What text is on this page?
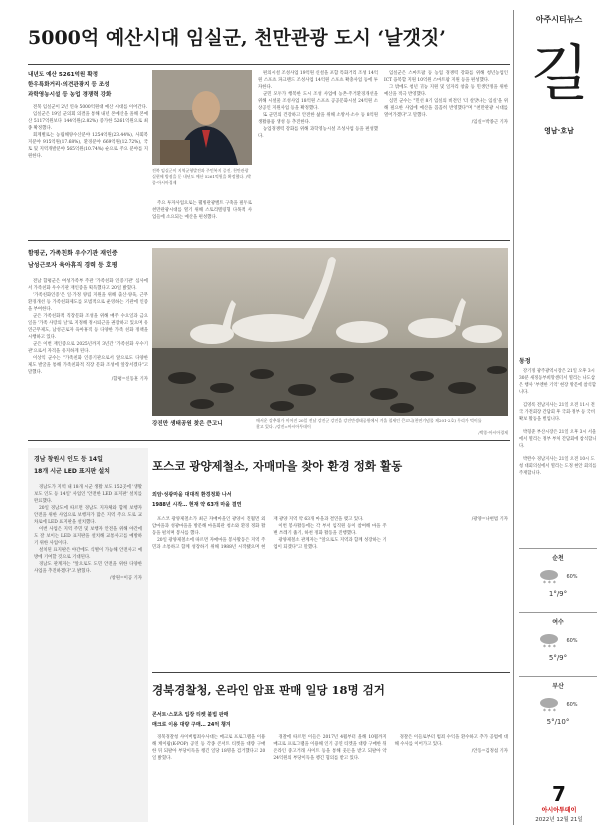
아주시티뉴스
길
영남·호남
동정

강기정 광주광역시장은 21일 오후 3시 30분 새정동부희망센터서 열리는 나도삼은 행사 '부엔한 기억' 현장 방문에 참석합니다.

김영록 전남지사는 21일 오전 11시 전국 가전회장 간담회 후 국회·정부 등 국비 확보 활동을 벌입니다.

박형준 부산시장은 21일 오후 3시 서울에서 열리는 정부 부처 간담회에 참석합니다.

박완수 경남지사는 21일 오전 10시 도청 대회의실에서 열리는 도정 현안 회의를 주재합니다.

순천
* * *
60%
1°/9°
여수
* * *
60%
5°/9°
부산
* * *
60%
5°/10°
7
아시아투데이
2022년 12월 21일
5000억 예산시대 임실군, 천만관광 도시 ‘날갯짓’
내년도 예산 5261억원 확정
한우특화거리·의견관광지 등 조성
과학영농시설 등 농업 경쟁력 강화

전북 임실군이 2년 연속 5000억원대 예산 시대를 이어간다.

임실군은 19일 군의회 의결을 통해 내년 본예산을 올해 본예산 5117억원보다 144억원(2.82%) 증가한 5261억원으로 최종 확정했다.

회계별로는 농림해양수산분야 1254억원(23.44%), 사회복지분야 915억원(17.68%), 환경분야 669억원(12.72%), 국토 및 지역개발분야 565억원(10.74%) 순으로 주요 분야를 지원한다.

전북 임실군이 지역균형발전과 주민복지 증진, 천만관광 실현에 방점을 둔 내년도 예산 5261억원을 확정했다. /박종-아시아경제

주요 투자사업으로는 웰빙관광벨트 구축을 필두로 천만관광시대를 열기 위해 스토리텔링형 다목적 사업들에 소요되는 예산을 편성했다.

편의시설 조성사업 19억원 신설을 포함 특화거리 조성 14억원 스포츠 파크랜드 조성사업 14억원 스포츠 확충사업 등에 투자한다.

군민 모두가 행복한 도시 조성 사업에 농촌·주거환경개선을 위해 시설물 조성사업 18억원 스포츠 공공문화시설 24억원 소상공인 지원사업 등을 확정했다.

또 군민의 건강하고 안전한 삶을 위해 소방서·소수 등 8억원 생활용품 생성 등 추진한다.

농업경쟁력 강화를 위해 과학영농시설 조성사업 등을 편성했다.

임실군은 스마트팜 등 농업 경쟁력 강화를 위해 청년농업인 ICT 융복합 지원 10억원 스마트팜 지원 등을 편성했다.

그 밖에도 청년 귀농 지원 및 일자리 창출 등 민생안정을 위한 예산을 적극 반영했다.

심민 군수는 "민선 8기 임실의 비전인 '더 살맛나는 임실'을 위해 필요한 사업에 예산을 꼼꼼히 반영했다"며 "천만관광 시대를 열어가겠다"고 말했다.

/임실=박종근 기자

함평군, 가족친화 우수기관 재인증
남성근로자 육아휴직 경력 등 호평

전남 함평군은 여성가족부 주관 '가족친화 인증기관' 심사에서 가족친화 우수기관 재인증을 획득했다고 20일 밝혔다.

'가족친화인증'은 일·가정 양립 지원을 위해 출산·양육, 근무환경개선 등 가족친화제도를 모범적으로 운영하는 기관에 인증을 부여한다.

군은 가족친화적 직장문화 조성을 위해 매주 수요일과 금요일을 '가족 사랑의 날'로 지정해 정시퇴근을 권장하고 있으며 유연근무제도, 남성근로자 육아휴직 등 다양한 가족 친화 정책을 시행하고 있다.

군은 이번 재인증으로 2025년까지 3년간 '가족친화 우수기관'으로서 자격을 유지하게 된다.

이상익 군수는 "가족친화 인증기관으로서 앞으로도 다양한 제도 발굴을 통해 가족친화적 직장 문화 조성에 앞장서겠다"고 말했다.

/함평=신동훈 기자

강진만 생태공원 찾은 큰고니
매서운 강추위가 이어진 20일 전남 강진군 강진읍 강진만생태공원에서 겨울 철새인 큰고니(천연기념물 제201-2호) 무리가 먹이를 찾고 있다. /강진=아시아투데이
/박종-아시아경제
경남 창원시 인도 등 14일
18개 시군 LED 표지판 설치

경남도가 지역 내 18개 시군 생활 보도 152곳에 '생활 보도 인도 등 14일' 사업인 '안전한 LED 표지판' 설치를 완료했다.

20일 경남도에 따르면 경남도 지자체와 함께 보행자 안전을 위한 사업으로 보행자가 많은 지역 주요 도로 교차로에 LED 표지판을 설치했다.

이번 사업은 지역 주민 및 보행자 안전을 위해 야간에도 잘 보이는 LED 표지판을 설치해 교통사고를 예방하기 위한 사업이다.

설치된 표지판은 야간에도 식별이 가능해 안전사고 예방에 기여할 것으로 기대된다.

경남도 관계자는 "앞으로도 도민 안전을 위한 다양한 사업을 추진하겠다"고 밝혔다.

/창원=이공 기자

포스코 광양제철소, 자매마을 찾아 환경 정화 활동
외암·성광마을 대대적 환경정화 나서
1988년 시작… 현재 약 63개 마을 결연

포스코 광양제철소가 최근 자매마을인 광양시 진월면 외암마을과 성광마을을 방문해 마을회관 청소와 환경 정화 활동을 펼치며 봉사를 했다.

20일 광양제철소에 따르면 자매마을 봉사활동은 지역 주민과 소통하고 함께 성장하기 위해 1988년 시작됐으며 현재 광양 지역 약 63개 마을과 결연을 맺고 있다.

이번 봉사활동에는 각 부서 임직원 등이 참여해 마을 주변 쓰레기 줍기, 하천 정화 활동을 진행했다.

광양제철소 관계자는 "앞으로도 지역과 함께 성장하는 기업이 되겠다"고 말했다.

/광양=나현범 기자

경북경찰청, 온라인 암표 판매 일당 18명 검거
콘서트·스포츠 입장 티켓 불법 판매
매크로 이용 대량 구매… 24억 챙겨

경북경찰청 사이버범죄수사대는 매크로 프로그램을 이용해 케이팝(K-POP) 공연 등 각종 콘서트 티켓을 대량 구매한 뒤 되팔아 부당이득을 챙긴 일당 18명을 검거했다고 20일 밝혔다.

경찰에 따르면 이들은 2017년 4월부터 올해 10월까지 매크로 프로그램을 이용해 인기 공연 티켓을 대량 구매한 뒤 온라인 중고거래 사이트 등을 통해 웃돈을 받고 되팔아 약 24억원의 부당이득을 챙긴 혐의를 받고 있다.

경찰은 이들로부터 범죄 수익을 환수하고 추가 공범에 대해 수사를 이어가고 있다.

/안동=김정섭 기자
